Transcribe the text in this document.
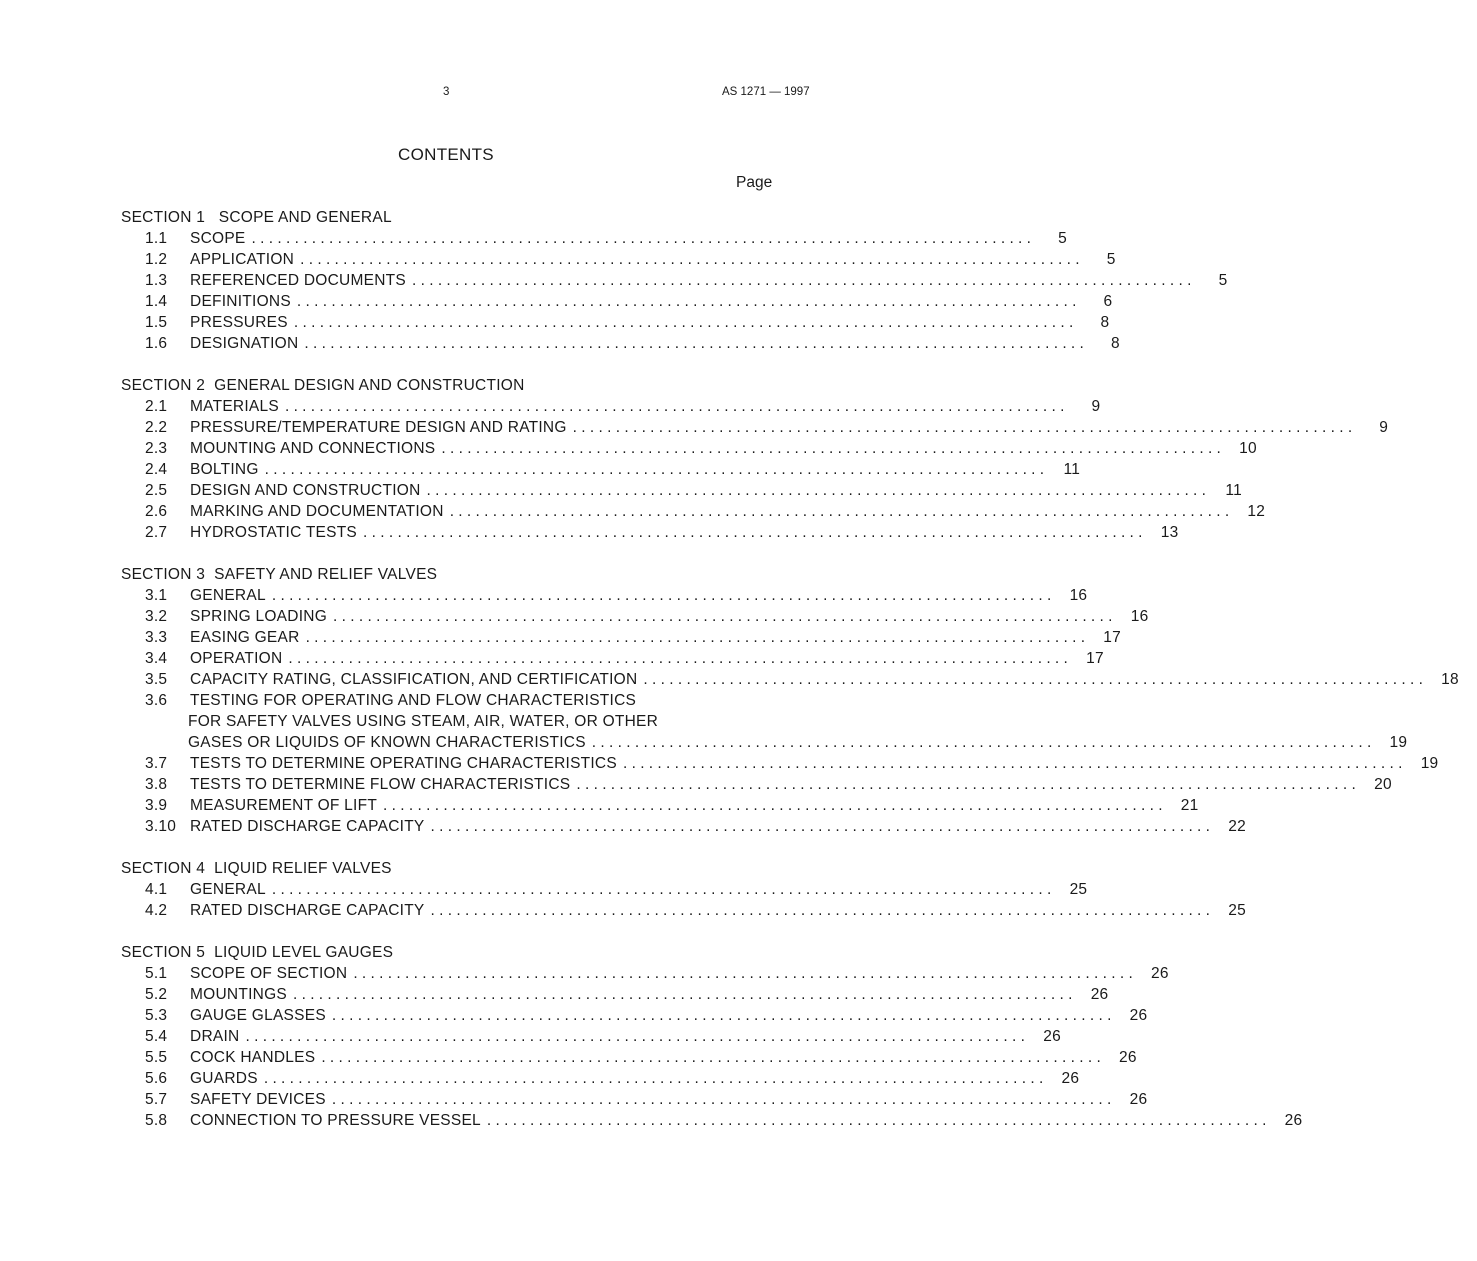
3	AS 1271 — 1997
CONTENTS
Page
SECTION 1   SCOPE AND GENERAL
1.1	SCOPE . . .	5
1.2	APPLICATION . . .	5
1.3	REFERENCED DOCUMENTS . . .	5
1.4	DEFINITIONS . . .	6
1.5	PRESSURES . . .	8
1.6	DESIGNATION . . .	8
SECTION 2  GENERAL DESIGN AND CONSTRUCTION
2.1	MATERIALS . . .	9
2.2	PRESSURE/TEMPERATURE DESIGN AND RATING . . .	9
2.3	MOUNTING AND CONNECTIONS . . .	10
2.4	BOLTING . . .	11
2.5	DESIGN AND CONSTRUCTION . . .	11
2.6	MARKING AND DOCUMENTATION . . .	12
2.7	HYDROSTATIC TESTS . . .	13
SECTION 3  SAFETY AND RELIEF VALVES
3.1	GENERAL . . .	16
3.2	SPRING LOADING . . .	16
3.3	EASING GEAR . . .	17
3.4	OPERATION . . .	17
3.5	CAPACITY RATING, CLASSIFICATION, AND CERTIFICATION . . .	18
3.6	TESTING FOR OPERATING AND FLOW CHARACTERISTICS
FOR SAFETY VALVES USING STEAM, AIR, WATER, OR OTHER
GASES OR LIQUIDS OF KNOWN CHARACTERISTICS . . .	19
3.7	TESTS TO DETERMINE OPERATING CHARACTERISTICS . . .	19
3.8	TESTS TO DETERMINE FLOW CHARACTERISTICS . . .	20
3.9	MEASUREMENT OF LIFT . . .	21
3.10 RATED DISCHARGE CAPACITY . . .	22
SECTION 4  LIQUID RELIEF VALVES
4.1	GENERAL . . .	25
4.2	RATED DISCHARGE CAPACITY . . .	25
SECTION 5  LIQUID LEVEL GAUGES
5.1	SCOPE OF SECTION . . .	26
5.2	MOUNTINGS . . .	26
5.3	GAUGE GLASSES . . .	26
5.4	DRAIN . . .	26
5.5	COCK HANDLES . . .	26
5.6	GUARDS . . .	26
5.7	SAFETY DEVICES . . .	26
5.8	CONNECTION TO PRESSURE VESSEL . . .	26
